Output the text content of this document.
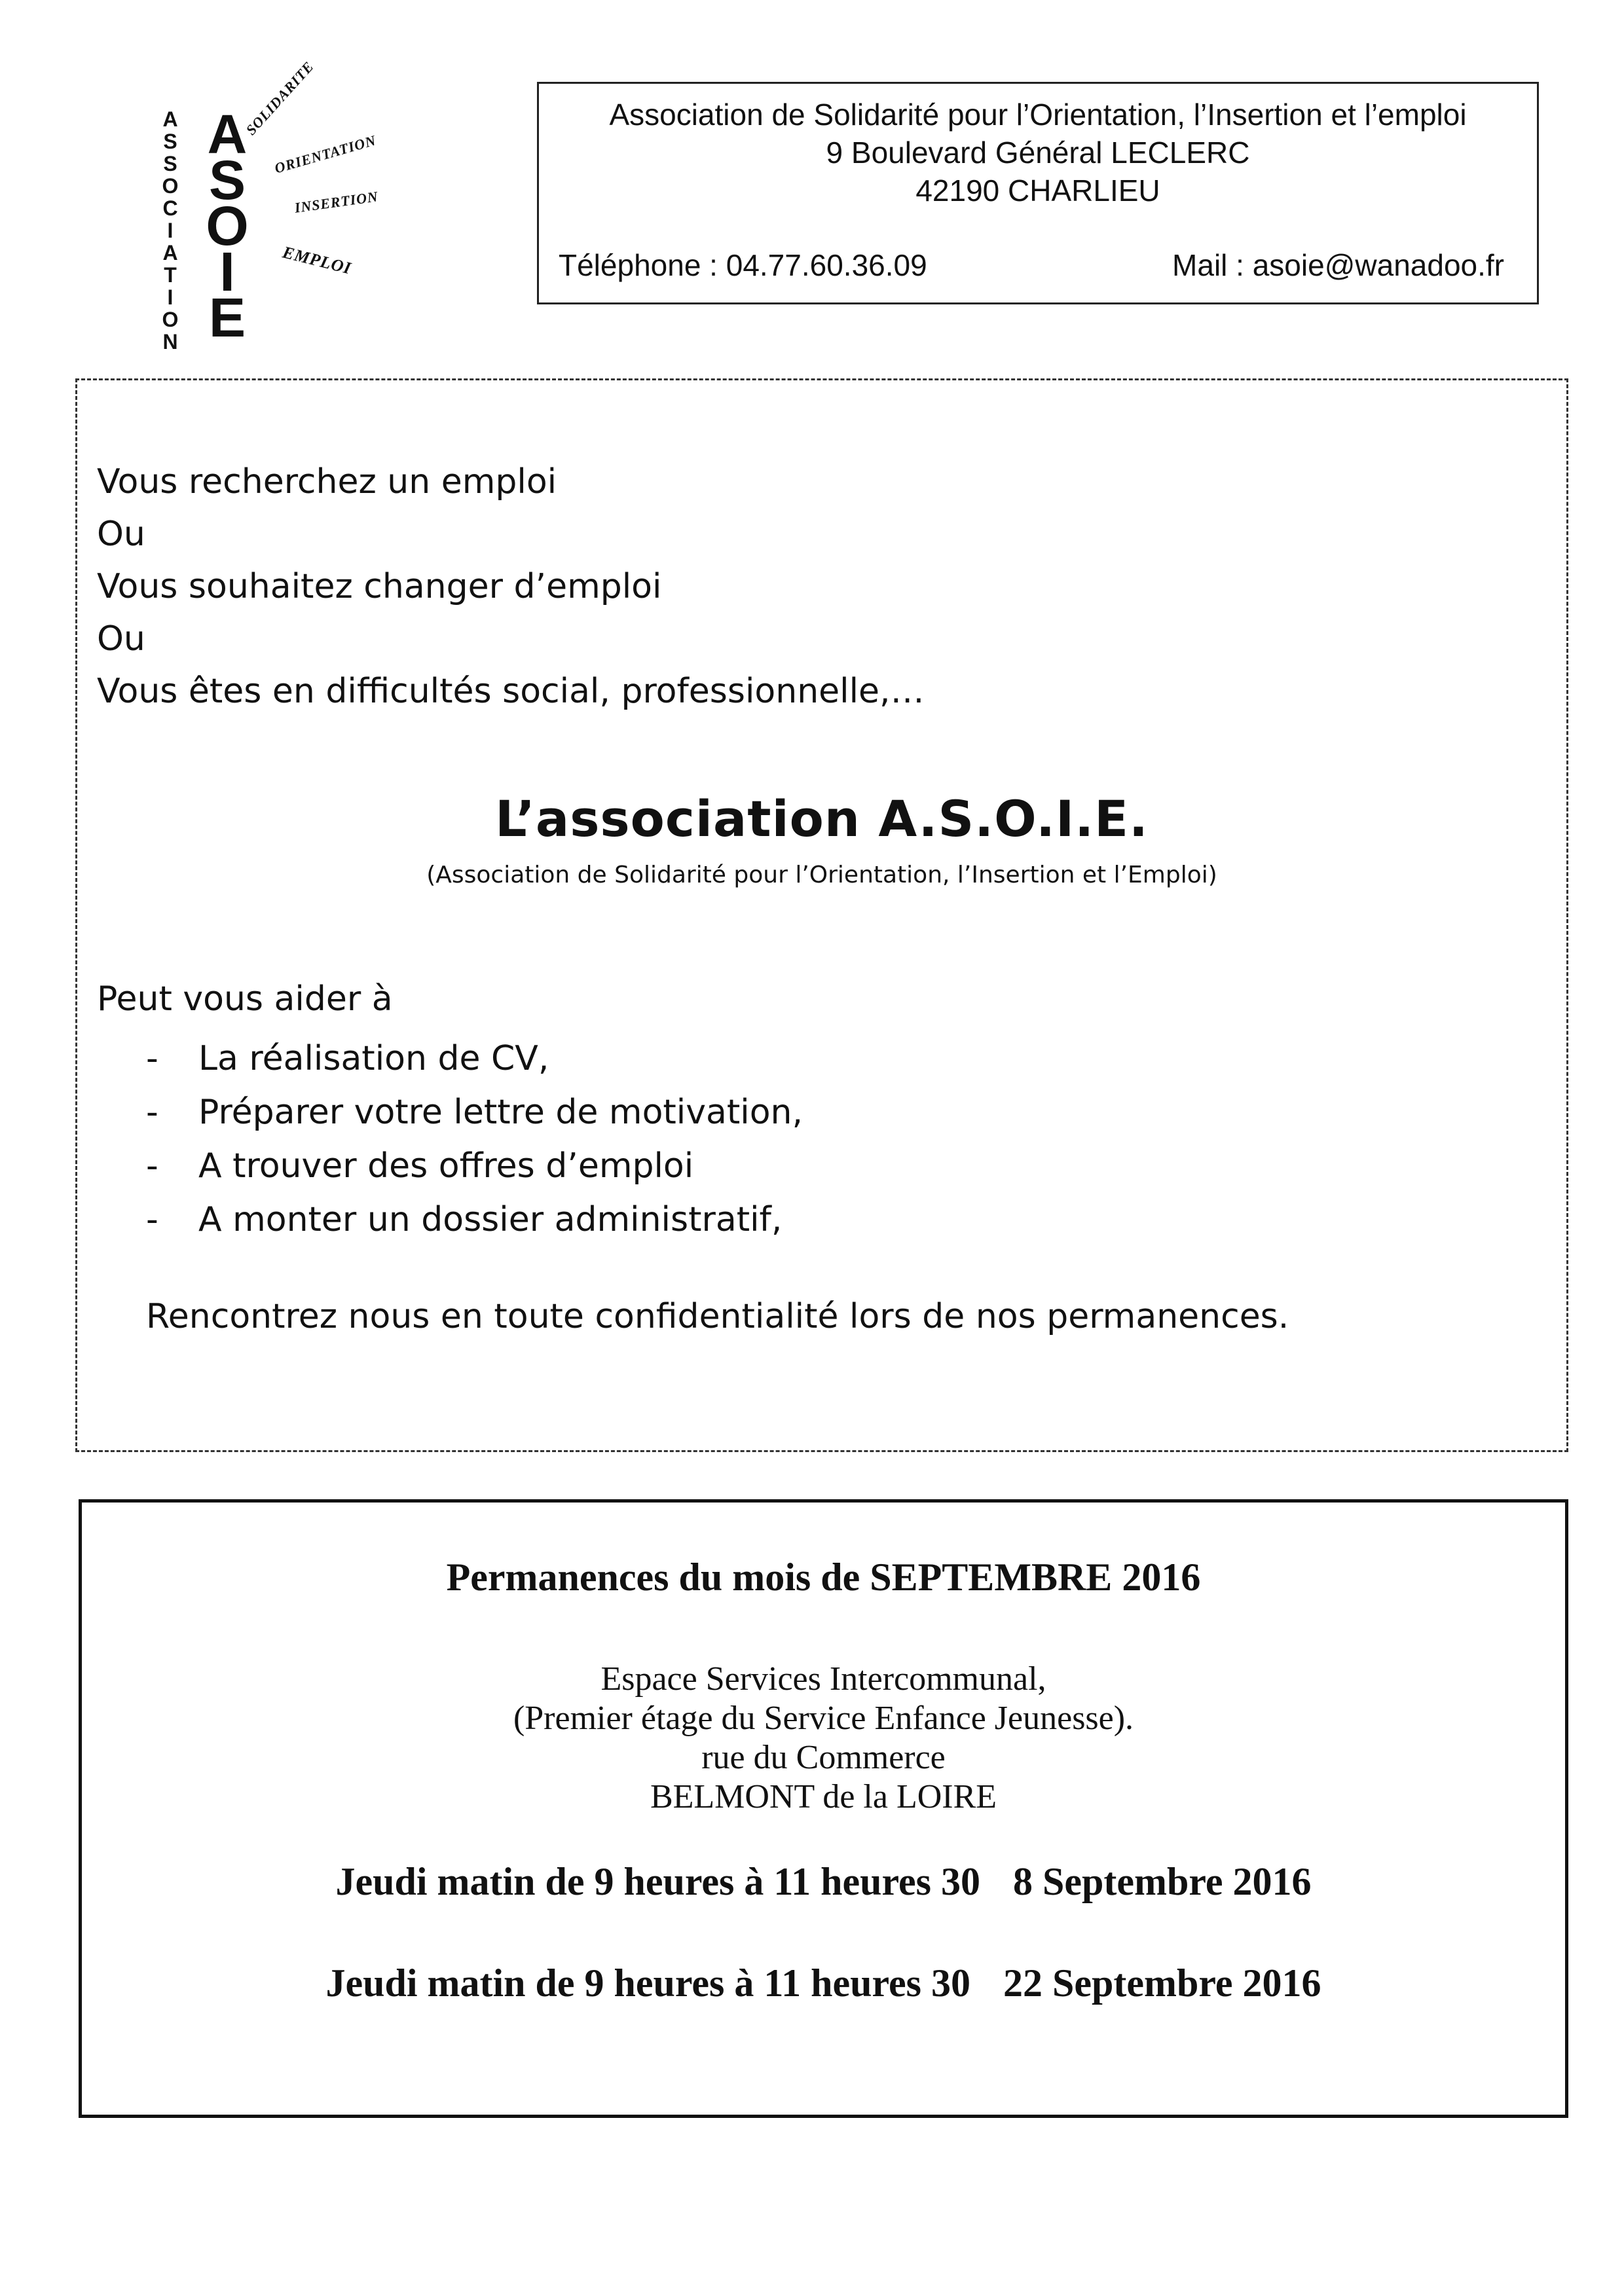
A
S
S
O
C
I
A
T
I
O
N
A
S
O
I
E
SOLIDARITE
ORIENTATION
INSERTION
EMPLOI
Association de Solidarité pour l’Orientation, l’Insertion et l’emploi
9 Boulevard Général LECLERC
42190 CHARLIEU
Téléphone : 04.77.60.36.09	Mail : asoie@wanadoo.fr
Vous recherchez un emploi
Ou
Vous souhaitez changer d’emploi
Ou
Vous êtes en difficultés social, professionnelle,…
L’association A.S.O.I.E.
(Association de Solidarité pour l’Orientation, l’Insertion et l’Emploi)
Peut vous aider à
- La réalisation de CV,
- Préparer votre lettre de motivation,
- A trouver des offres d’emploi
- A monter un dossier administratif,
Rencontrez nous en toute confidentialité lors de nos permanences.
Permanences du mois de SEPTEMBRE 2016
Espace Services Intercommunal,
(Premier étage du Service Enfance Jeunesse).
rue du Commerce
BELMONT de la LOIRE
Jeudi matin de 9 heures à 11 heures 30 8 Septembre 2016
Jeudi matin de 9 heures à 11 heures 30 22 Septembre 2016
